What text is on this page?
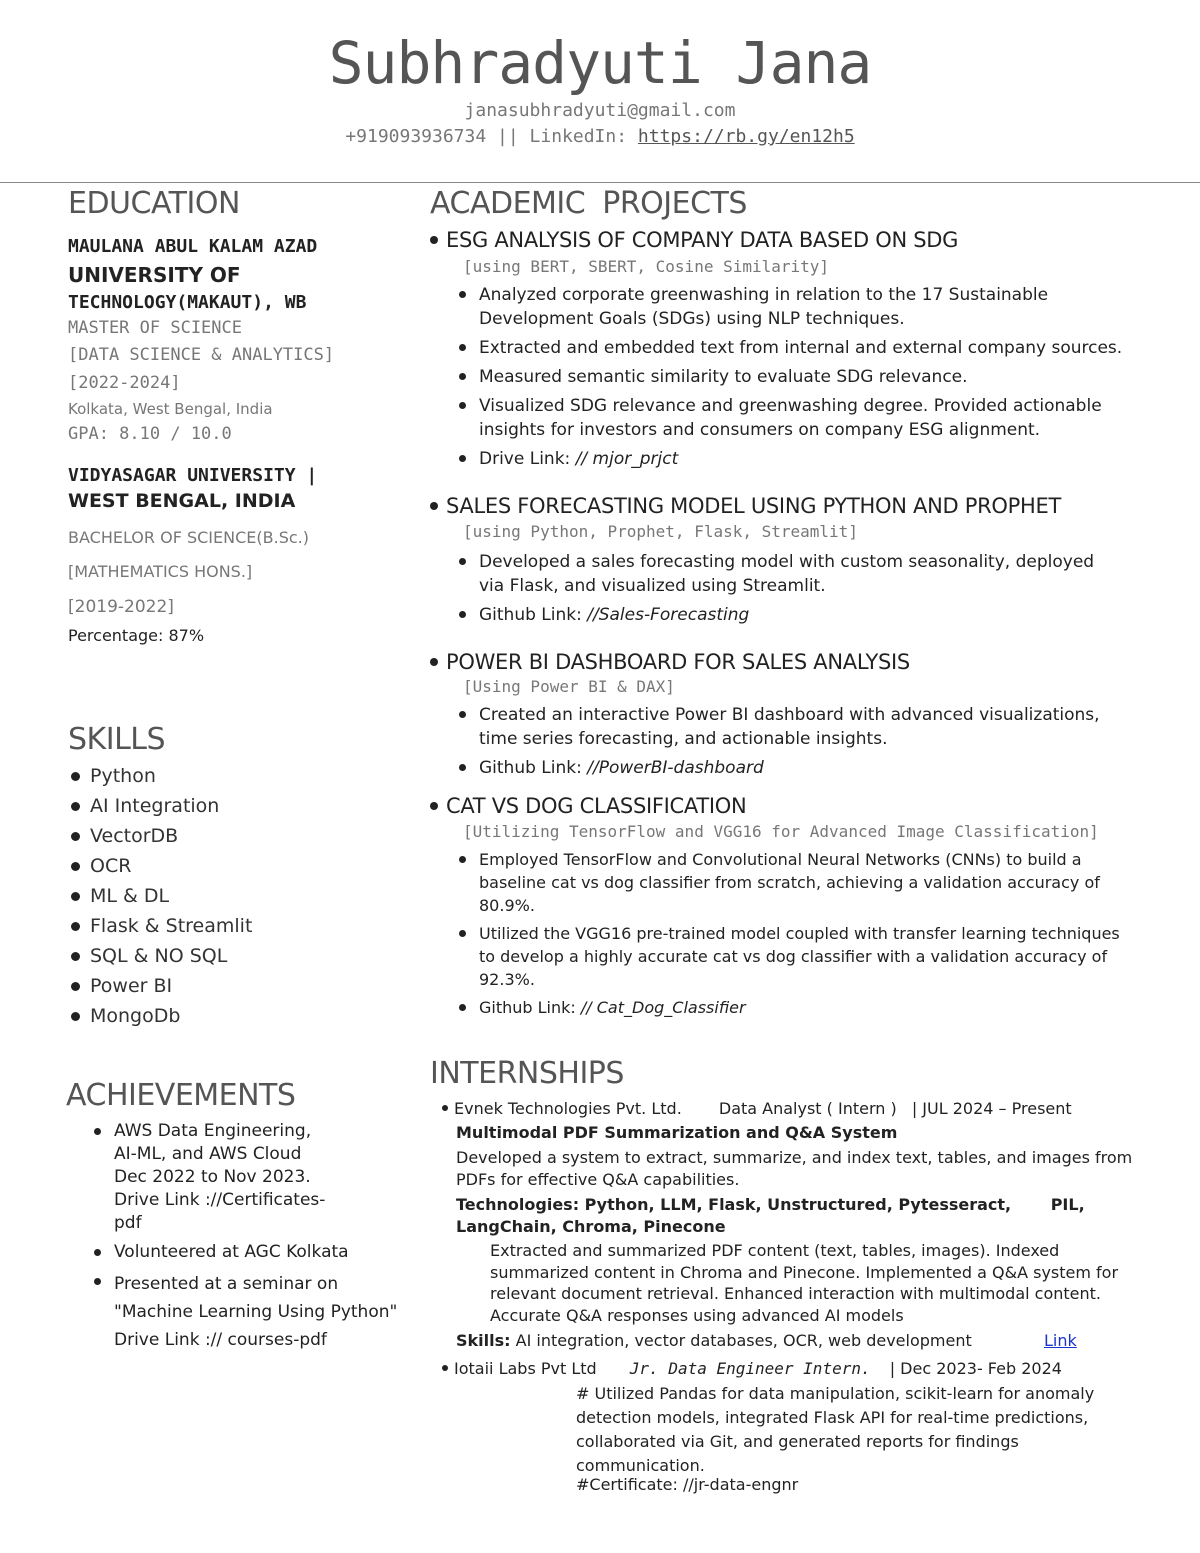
Subhradyuti Jana
janasubhradyuti@gmail.com
+919093936734 || LinkedIn: https://rb.gy/en12h5
EDUCATION
MAULANA ABUL KALAM AZAD
UNIVERSITY OF
TECHNOLOGY(MAKAUT), WB
MASTER OF SCIENCE
[DATA SCIENCE & ANALYTICS]
[2022-2024]
Kolkata, West Bengal, India
GPA: 8.10 / 10.0
VIDYASAGAR UNIVERSITY |
WEST BENGAL, INDIA
BACHELOR OF SCIENCE(B.Sc.)
[MATHEMATICS HONS.]
[2019-2022]
Percentage: 87%
SKILLS
Python
AI Integration
VectorDB
OCR
ML & DL
Flask & Streamlit
SQL & NO SQL
Power BI
MongoDb
ACHIEVEMENTS
AWS Data Engineering,
AI-ML, and AWS Cloud
Dec 2022 to Nov 2023.
Drive Link ://Certificates-
pdf
Volunteered at AGC Kolkata
Presented at a seminar on
"Machine Learning Using Python"
Drive Link :// courses-pdf
ACADEMIC PROJECTS
ESG ANALYSIS OF COMPANY DATA BASED ON SDG
[using BERT, SBERT, Cosine Similarity]
Analyzed corporate greenwashing in relation to the 17 Sustainable Development Goals (SDGs) using NLP techniques.
Extracted and embedded text from internal and external company sources.
Measured semantic similarity to evaluate SDG relevance.
Visualized SDG relevance and greenwashing degree. Provided actionable insights for investors and consumers on company ESG alignment.
Drive Link: // mjor_prjct
SALES FORECASTING MODEL USING PYTHON AND PROPHET
[using Python, Prophet, Flask, Streamlit]
Developed a sales forecasting model with custom seasonality, deployed via Flask, and visualized using Streamlit.
Github Link: //Sales-Forecasting
POWER BI DASHBOARD FOR SALES ANALYSIS
[Using Power BI & DAX]
Created an interactive Power BI dashboard with advanced visualizations, time series forecasting, and actionable insights.
Github Link: //PowerBI-dashboard
CAT VS DOG CLASSIFICATION
[Utilizing TensorFlow and VGG16 for Advanced Image Classification]
Employed TensorFlow and Convolutional Neural Networks (CNNs) to build a baseline cat vs dog classifier from scratch, achieving a validation accuracy of 80.9%.
Utilized the VGG16 pre-trained model coupled with transfer learning techniques to develop a highly accurate cat vs dog classifier with a validation accuracy of 92.3%.
Github Link: // Cat_Dog_Classifier
INTERNSHIPS
Evnek Technologies Pvt. Ltd. Data Analyst ( Intern ) | JUL 2024 – Present
Multimodal PDF Summarization and Q&A System
Developed a system to extract, summarize, and index text, tables, and images from PDFs for effective Q&A capabilities.
Technologies: Python, LLM, Flask, Unstructured, Pytesseract, PIL,
LangChain, Chroma, Pinecone
Extracted and summarized PDF content (text, tables, images). Indexed summarized content in Chroma and Pinecone. Implemented a Q&A system for relevant document retrieval. Enhanced interaction with multimodal content. Accurate Q&A responses using advanced AI models
Skills: AI integration, vector databases, OCR, web development	Link
Iotaii Labs Pvt Ltd Jr. Data Engineer Intern. | Dec 2023- Feb 2024
# Utilized Pandas for data manipulation, scikit-learn for anomaly detection models, integrated Flask API for real-time predictions, collaborated via Git, and generated reports for findings communication.
#Certificate: //jr-data-engnr
